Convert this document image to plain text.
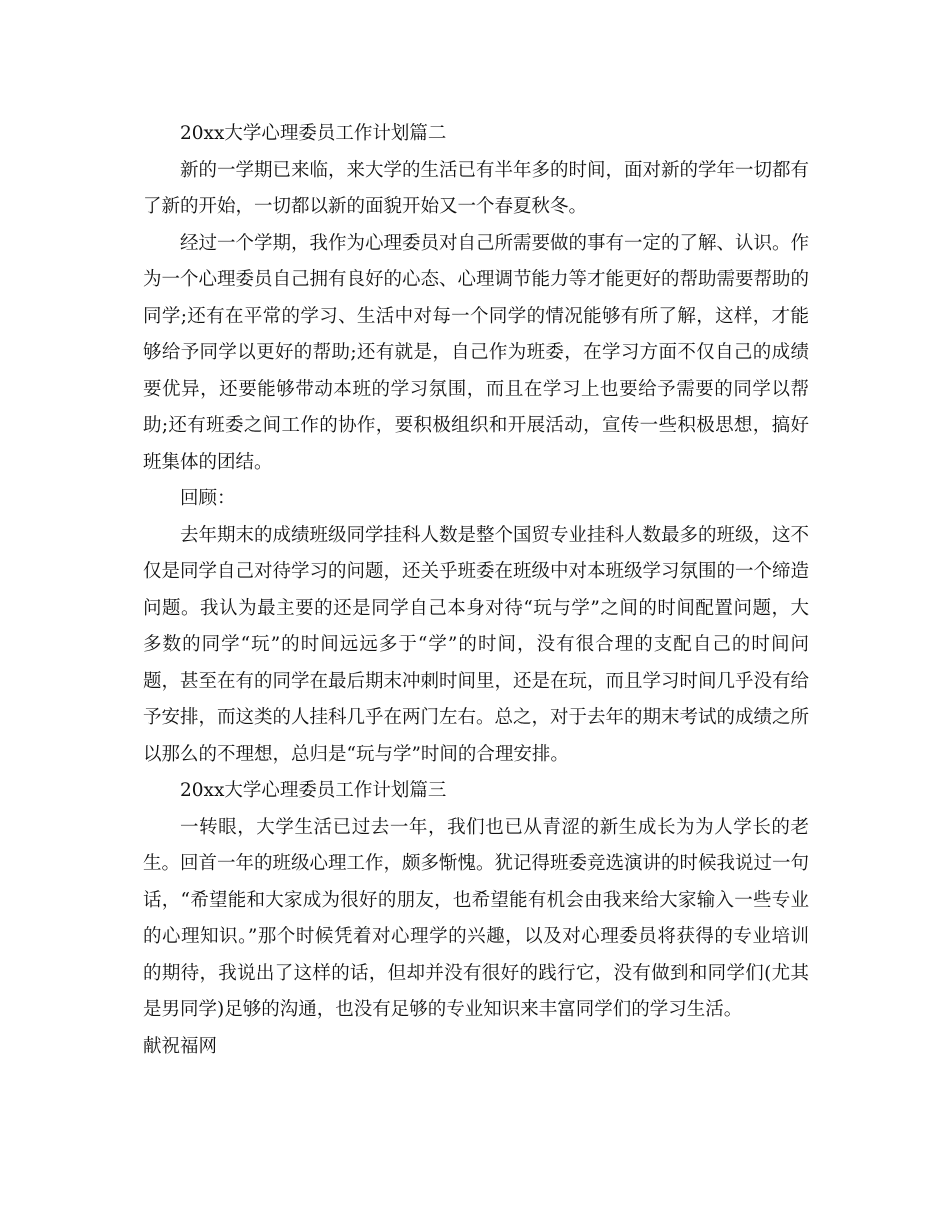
20xx大学心理委员工作计划篇二

新的一学期已来临，来大学的生活已有半年多的时间，面对新的学年一切都有了新的开始，一切都以新的面貌开始又一个春夏秋冬。

经过一个学期，我作为心理委员对自己所需要做的事有一定的了解、认识。作为一个心理委员自己拥有良好的心态、心理调节能力等才能更好的帮助需要帮助的同学;还有在平常的学习、生活中对每一个同学的情况能够有所了解，这样，才能够给予同学以更好的帮助;还有就是，自己作为班委，在学习方面不仅自己的成绩要优异，还要能够带动本班的学习氛围，而且在学习上也要给予需要的同学以帮助;还有班委之间工作的协作，要积极组织和开展活动，宣传一些积极思想，搞好班集体的团结。

回顾：

去年期末的成绩班级同学挂科人数是整个国贸专业挂科人数最多的班级，这不仅是同学自己对待学习的问题，还关乎班委在班级中对本班级学习氛围的一个缔造问题。我认为最主要的还是同学自己本身对待“玩与学”之间的时间配置问题，大多数的同学“玩”的时间远远多于“学”的时间，没有很合理的支配自己的时间问题，甚至在有的同学在最后期末冲刺时间里，还是在玩，而且学习时间几乎没有给予安排，而这类的人挂科几乎在两门左右。总之，对于去年的期末考试的成绩之所以那么的不理想，总归是“玩与学”时间的合理安排。

20xx大学心理委员工作计划篇三

一转眼，大学生活已过去一年，我们也已从青涩的新生成长为为人学长的老生。回首一年的班级心理工作，颇多惭愧。犹记得班委竞选演讲的时候我说过一句话，“希望能和大家成为很好的朋友，也希望能有机会由我来给大家输入一些专业的心理知识。”那个时候凭着对心理学的兴趣，以及对心理委员将获得的专业培训的期待，我说出了这样的话，但却并没有很好的践行它，没有做到和同学们(尤其是男同学)足够的沟通，也没有足够的专业知识来丰富同学们的学习生活。

献祝福网
